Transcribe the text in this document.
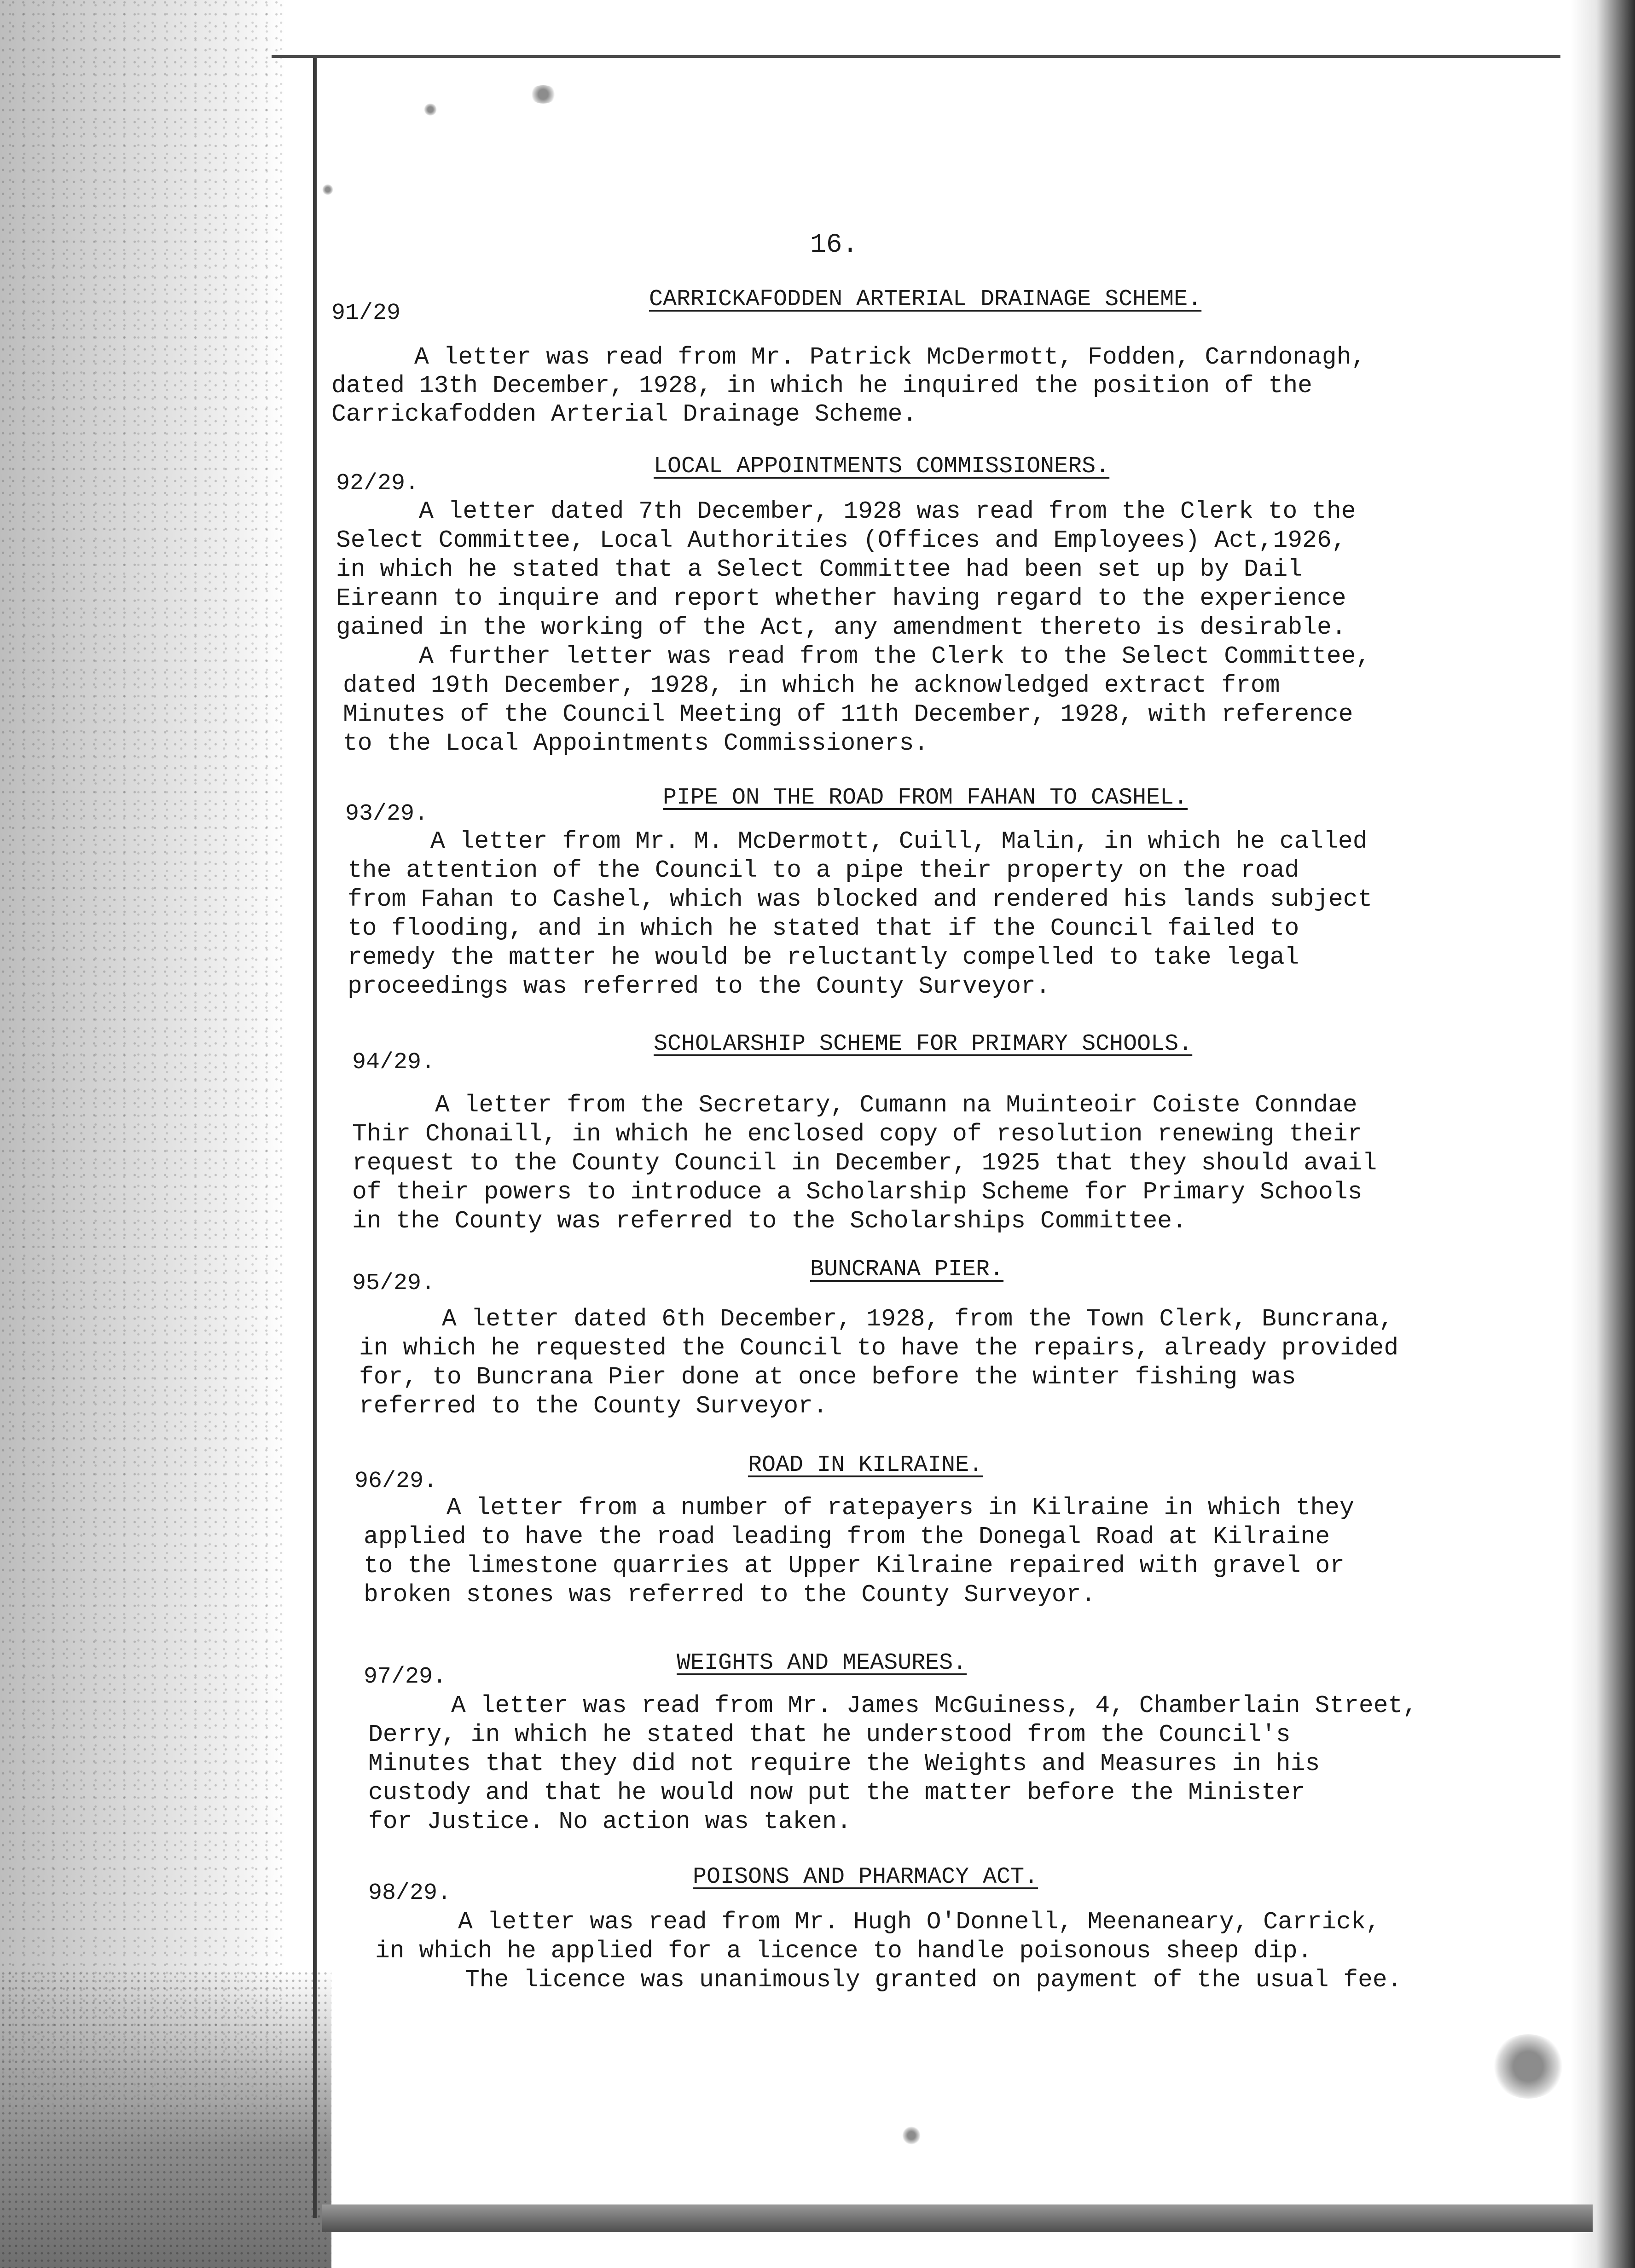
16.
91/29
CARRICKAFODDEN ARTERIAL DRAINAGE SCHEME.
A letter was read from Mr. Patrick McDermott, Fodden, Carndonagh,
dated 13th December, 1928, in which he inquired the position of the
Carrickafodden Arterial Drainage Scheme.
92/29.
LOCAL APPOINTMENTS COMMISSIONERS.
A letter dated 7th December, 1928 was read from the Clerk to the
Select Committee, Local Authorities (Offices and Employees) Act,1926,
in which he stated that a Select Committee had been set up by Dail
Eireann to inquire and report whether having regard to the experience
gained in the working of the Act, any amendment thereto is desirable.
A further letter was read from the Clerk to the Select Committee,
dated 19th December, 1928, in which he acknowledged extract from
Minutes of the Council Meeting of 11th December, 1928, with reference
to the Local Appointments Commissioners.
93/29.
PIPE ON THE ROAD FROM FAHAN TO CASHEL.
A letter from Mr. M. McDermott, Cuill, Malin, in which he called
the attention of the Council to a pipe their property on the road
from Fahan to Cashel, which was blocked and rendered his lands subject
to flooding, and in which he stated that if the Council failed to
remedy the matter he would be reluctantly compelled to take legal
proceedings was referred to the County Surveyor.
94/29.
SCHOLARSHIP SCHEME FOR PRIMARY SCHOOLS.
A letter from the Secretary, Cumann na Muinteoir Coiste Conndae
Thir Chonaill, in which he enclosed copy of resolution renewing their
request to the County Council in December, 1925 that they should avail
of their powers to introduce a Scholarship Scheme for Primary Schools
in the County was referred to the Scholarships Committee.
95/29.
BUNCRANA PIER.
A letter dated 6th December, 1928, from the Town Clerk, Buncrana,
in which he requested the Council to have the repairs, already provided
for, to Buncrana Pier done at once before the winter fishing was
referred to the County Surveyor.
96/29.
ROAD IN KILRAINE.
A letter from a number of ratepayers in Kilraine in which they
applied to have the road leading from the Donegal Road at Kilraine
to the limestone quarries at Upper Kilraine repaired with gravel or
broken stones was referred to the County Surveyor.
97/29.
WEIGHTS AND MEASURES.
A letter was read from Mr. James McGuiness, 4, Chamberlain Street,
Derry, in which he stated that he understood from the Council's
Minutes that they did not require the Weights and Measures in his
custody and that he would now put the matter before the Minister
for Justice. No action was taken.
98/29.
POISONS AND PHARMACY ACT.
A letter was read from Mr. Hugh O'Donnell, Meenaneary, Carrick,
in which he applied for a licence to handle poisonous sheep dip.
The licence was unanimously granted on payment of the usual fee.
